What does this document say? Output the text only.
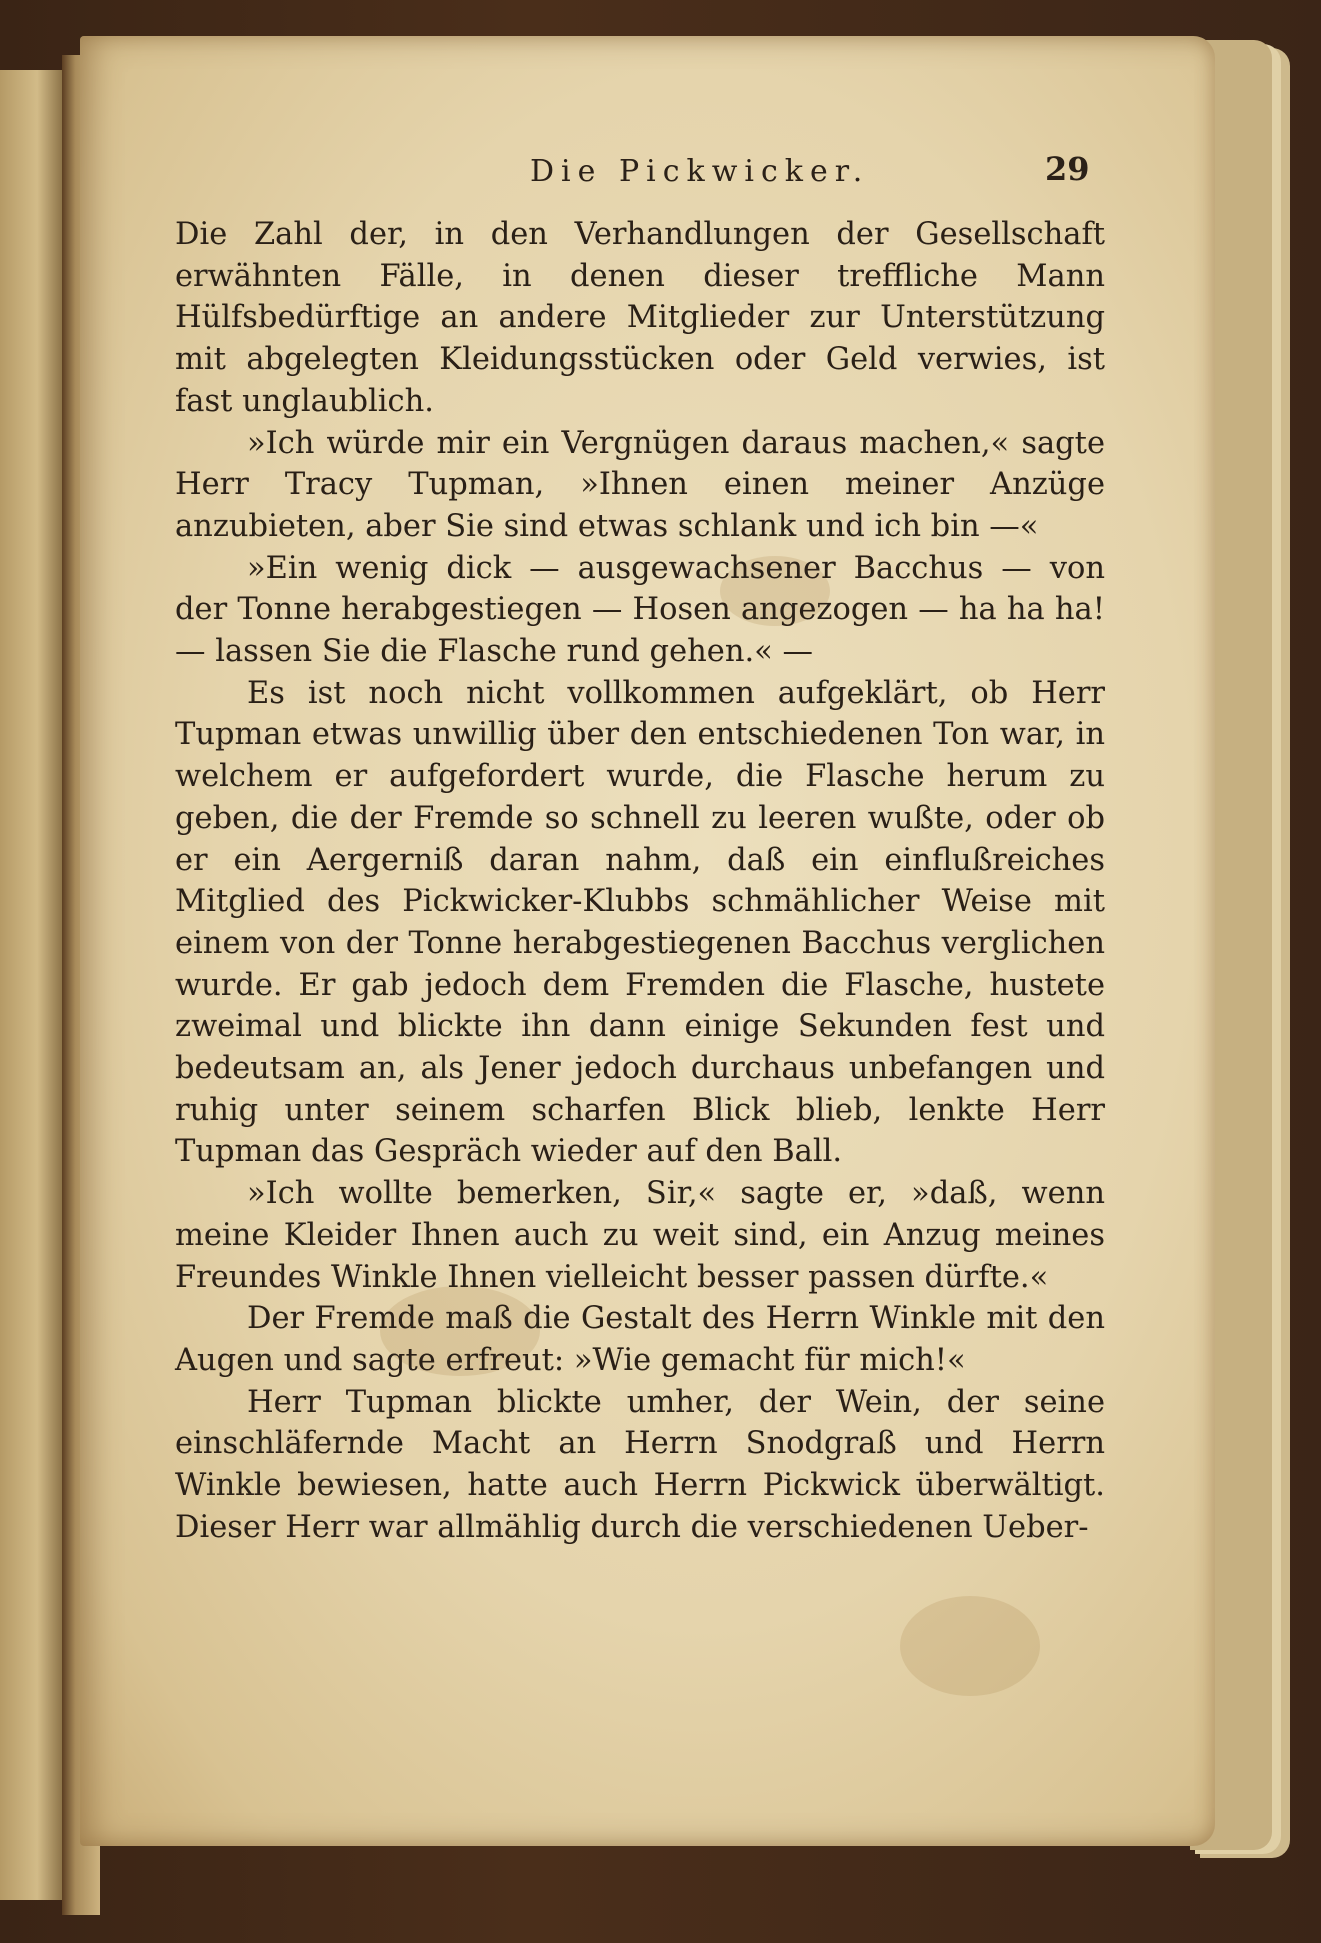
Die Pickwicker.	29

Die Zahl der, in den Verhandlungen der Gesellschaft erwähnten Fälle, in denen dieser treffliche Mann Hülfsbedürftige an andere Mitglieder zur Unterstützung mit abgelegten Kleidungsstücken oder Geld verwies, ist fast unglaublich.

»Ich würde mir ein Vergnügen daraus machen,« sagte Herr Tracy Tupman, »Ihnen einen meiner Anzüge anzubieten, aber Sie sind etwas schlank und ich bin —«

»Ein wenig dick — ausgewachsener Bacchus — von der Tonne herabgestiegen — Hosen angezogen — ha ha ha! — lassen Sie die Flasche rund gehen.« —

Es ist noch nicht vollkommen aufgeklärt, ob Herr Tupman etwas unwillig über den entschiedenen Ton war, in welchem er aufgefordert wurde, die Flasche herum zu geben, die der Fremde so schnell zu leeren wußte, oder ob er ein Aergerniß daran nahm, daß ein einflußreiches Mitglied des Pickwicker-Klubbs schmählicher Weise mit einem von der Tonne herabgestiegenen Bacchus verglichen wurde. Er gab jedoch dem Fremden die Flasche, hustete zweimal und blickte ihn dann einige Sekunden fest und bedeutsam an, als Jener jedoch durchaus unbefangen und ruhig unter seinem scharfen Blick blieb, lenkte Herr Tupman das Gespräch wieder auf den Ball.

»Ich wollte bemerken, Sir,« sagte er, »daß, wenn meine Kleider Ihnen auch zu weit sind, ein Anzug meines Freundes Winkle Ihnen vielleicht besser passen dürfte.«

Der Fremde maß die Gestalt des Herrn Winkle mit den Augen und sagte erfreut: »Wie gemacht für mich!«

Herr Tupman blickte umher, der Wein, der seine einschläfernde Macht an Herrn Snodgraß und Herrn Winkle bewiesen, hatte auch Herrn Pickwick überwältigt. Dieser Herr war allmählig durch die verschiedenen Ueber-
